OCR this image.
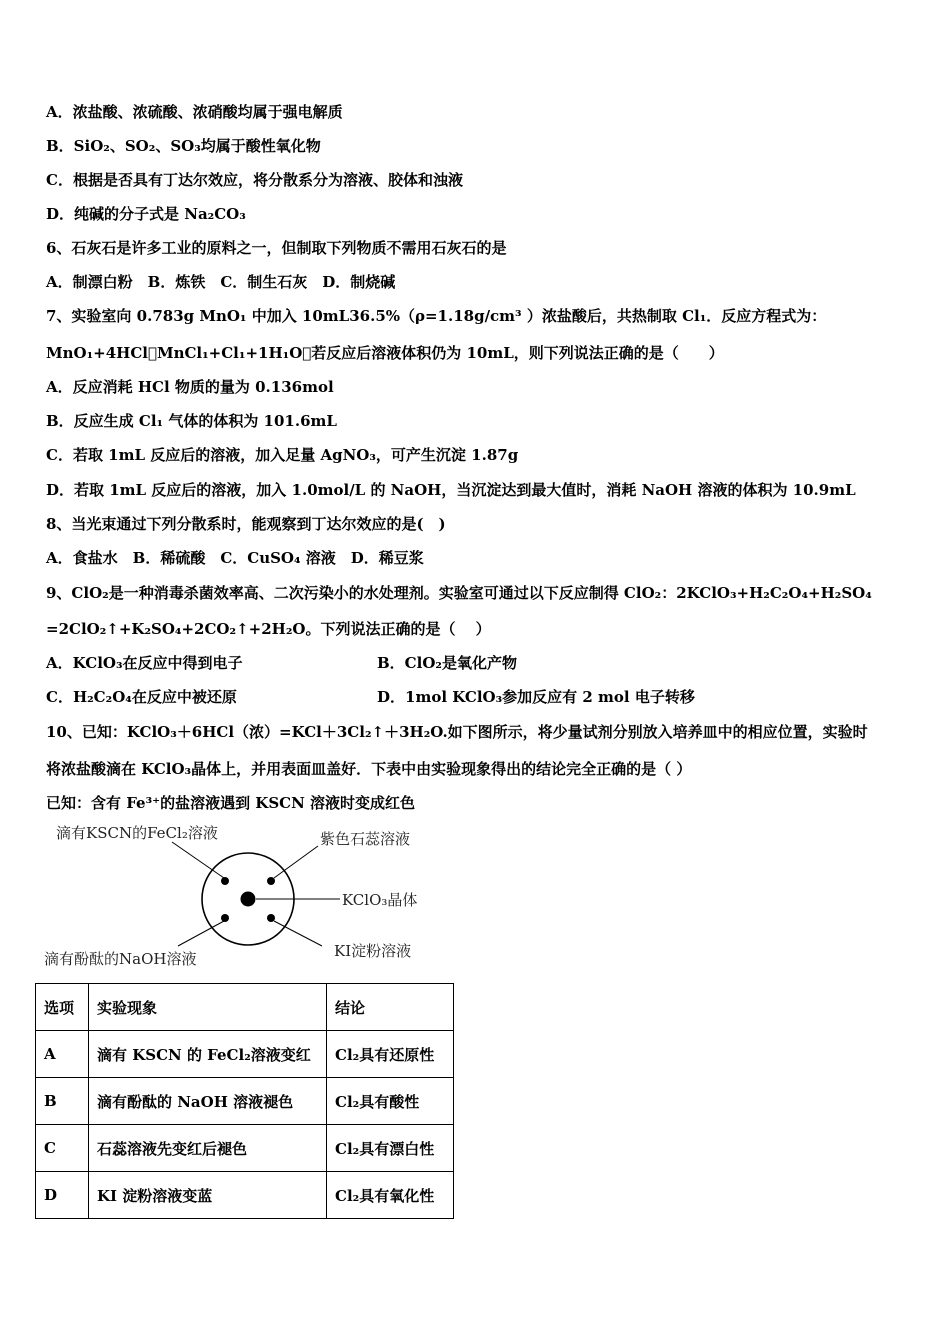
A．浓盐酸、浓硫酸、浓硝酸均属于强电解质
B．SiO₂、SO₂、SO₃均属于酸性氧化物
C．根据是否具有丁达尔效应，将分散系分为溶液、胶体和浊液
D．纯碱的分子式是 Na₂CO₃
6、石灰石是许多工业的原料之一，但制取下列物质不需用石灰石的是
A．制漂白粉　B．炼铁　C．制生石灰　D．制烧碱
7、实验室向 0.783g MnO₁ 中加入 10mL36.5%（ρ=1.18g/cm³ ）浓盐酸后，共热制取 Cl₁．反应方程式为：
MnO₁+4HCl⃞MnCl₁+Cl₁+1H₁O，若反应后溶液体积仍为 10mL，则下列说法正确的是（　　）
A．反应消耗 HCl 物质的量为 0.136mol
B．反应生成 Cl₁ 气体的体积为 101.6mL
C．若取 1mL 反应后的溶液，加入足量 AgNO₃，可产生沉淀 1.87g
D．若取 1mL 反应后的溶液，加入 1.0mol/L 的 NaOH，当沉淀达到最大值时，消耗 NaOH 溶液的体积为 10.9mL
8、当光束通过下列分散系时，能观察到丁达尔效应的是(　)
A．食盐水　B．稀硫酸　C．CuSO₄ 溶液　D．稀豆浆
9、ClO₂是一种消毒杀菌效率高、二次污染小的水处理剂。实验室可通过以下反应制得 ClO₂：2KClO₃+H₂C₂O₄+H₂SO₄
=2ClO₂↑+K₂SO₄+2CO₂↑+2H₂O。下列说法正确的是（　 ）
A．KClO₃在反应中得到电子	B．ClO₂是氧化产物
C．H₂C₂O₄在反应中被还原	D．1mol KClO₃参加反应有 2 mol 电子转移
10、已知：KClO₃＋6HCl（浓）=KCl＋3Cl₂↑＋3H₂O.如下图所示，将少量试剂分别放入培养皿中的相应位置，实验时
将浓盐酸滴在 KClO₃晶体上，并用表面皿盖好．下表中由实验现象得出的结论完全正确的是（ ）
已知：含有 Fe³⁺的盐溶液遇到 KSCN 溶液时变成红色
滴有KSCN的FeCl₂溶液	紫色石蕊溶液
KClO₃晶体
滴有酚酞的NaOH溶液	KI淀粉溶液
选项	实验现象	结论
A	滴有 KSCN 的 FeCl₂溶液变红	Cl₂具有还原性
B	滴有酚酞的 NaOH 溶液褪色	Cl₂具有酸性
C	石蕊溶液先变红后褪色	Cl₂具有漂白性
D	KI 淀粉溶液变蓝	Cl₂具有氧化性
